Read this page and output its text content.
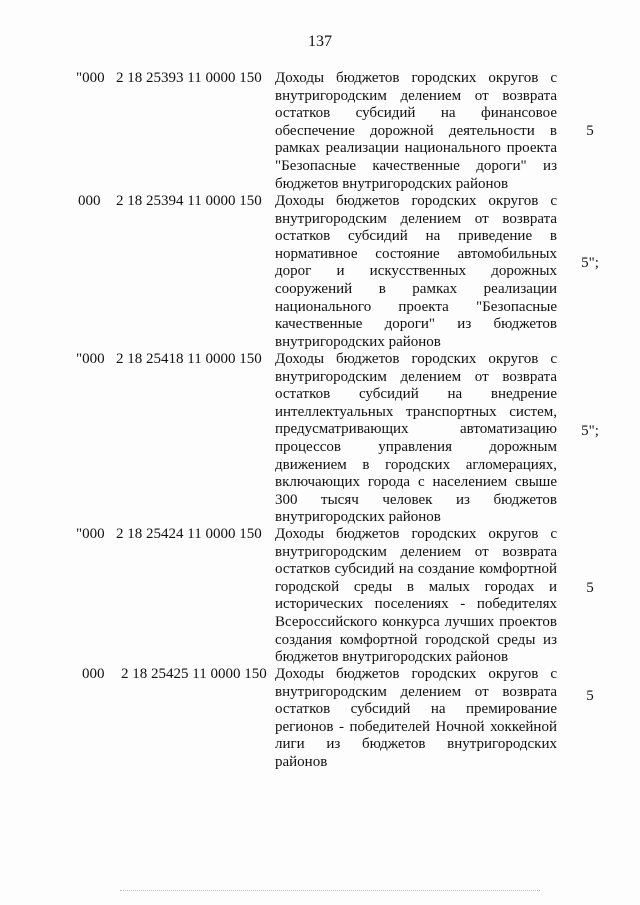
137
"000 2 18 25393 11 0000 150 Доходы бюджетов городских округов с внутригородским делением от возврата остатков субсидий на финансовое обеспечение дорожной деятельности в рамках реализации национального проекта "Безопасные качественные дороги" из бюджетов внутригородских районов
5
000 2 18 25394 11 0000 150 Доходы бюджетов городских округов с внутригородским делением от возврата остатков субсидий на приведение в нормативное состояние автомобильных дорог и искусственных дорожных сооружений в рамках реализации национального проекта "Безопасные качественные дороги" из бюджетов внутригородских районов
5";
"000 2 18 25418 11 0000 150 Доходы бюджетов городских округов с внутригородским делением от возврата остатков субсидий на внедрение интеллектуальных транспортных систем, предусматривающих автоматизацию процессов управления дорожным движением в городских агломерациях, включающих города с населением свыше 300 тысяч человек из бюджетов внутригородских районов
5";
"000 2 18 25424 11 0000 150 Доходы бюджетов городских округов с внутригородским делением от возврата остатков субсидий на создание комфортной городской среды в малых городах и исторических поселениях - победителях Всероссийского конкурса лучших проектов создания комфортной городской среды из бюджетов внутригородских районов
5
000 2 18 25425 11 0000 150 Доходы бюджетов городских округов с внутригородским делением от возврата остатков субсидий на премирование регионов - победителей Ночной хоккейной лиги из бюджетов внутригородских районов
5
